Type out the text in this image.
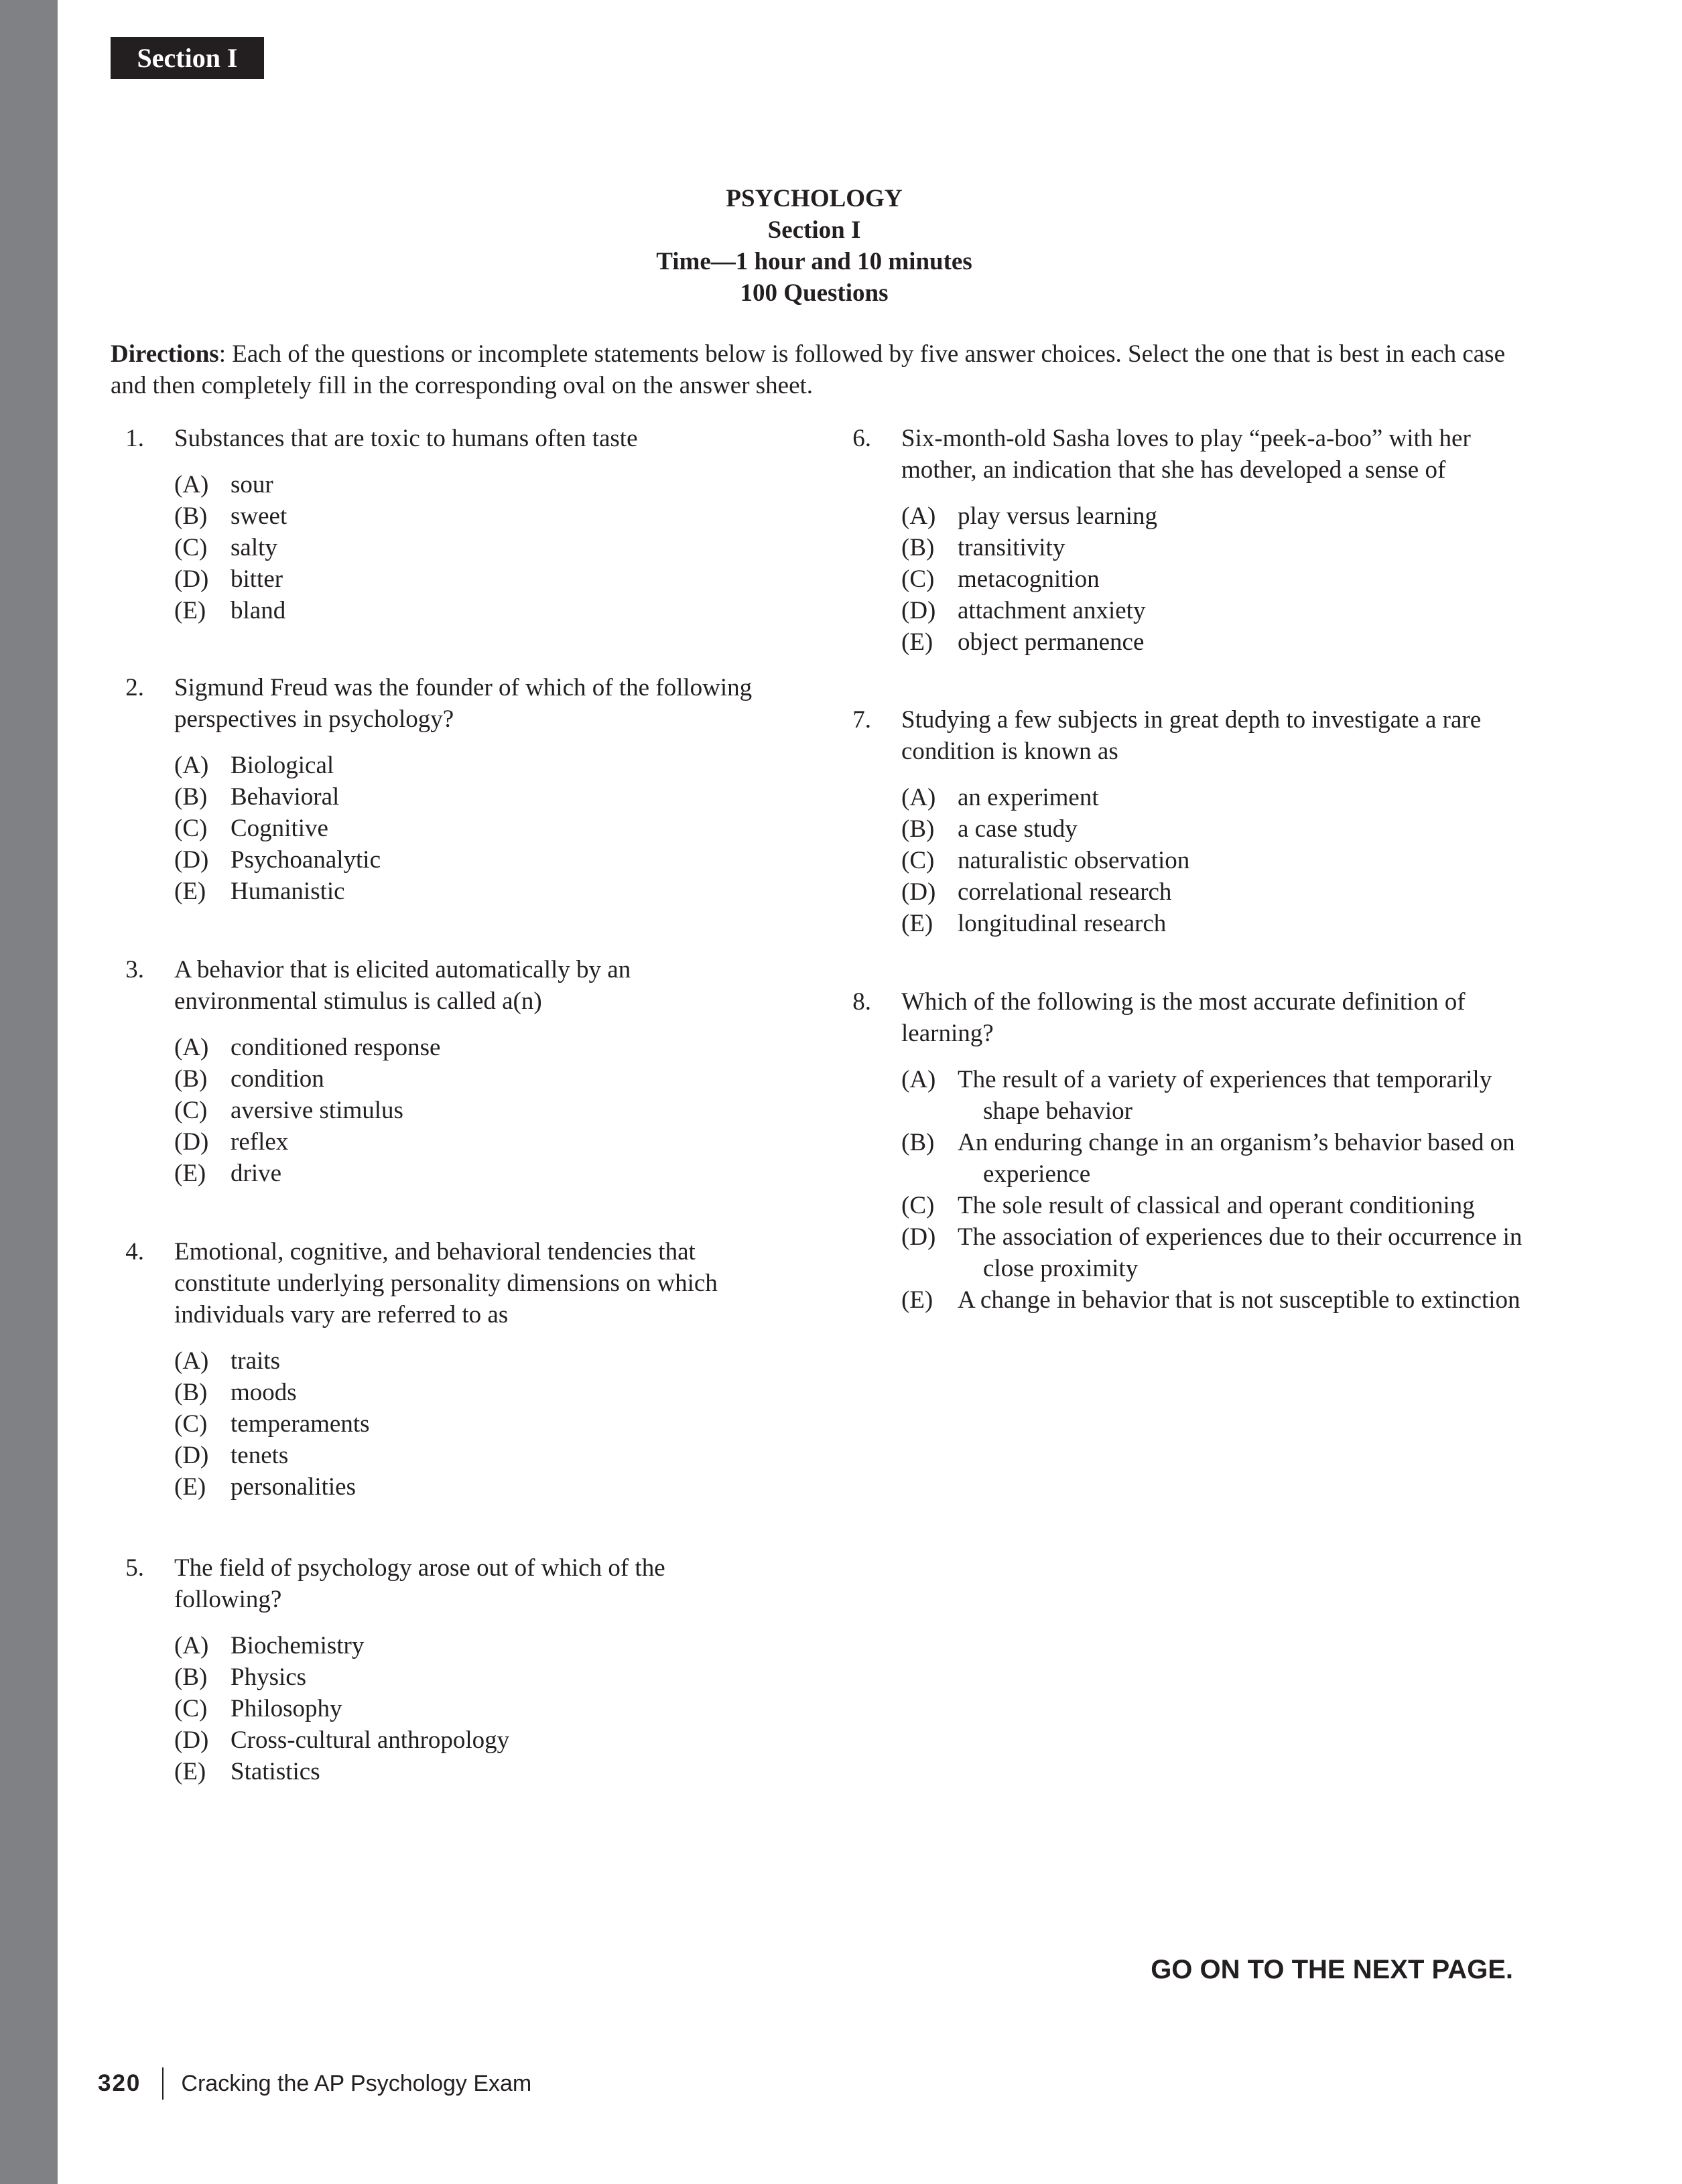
Section I
PSYCHOLOGY
Section I
Time—1 hour and 10 minutes
100 Questions
Directions: Each of the questions or incomplete statements below is followed by five answer choices. Select the one that is best in each case and then completely fill in the corresponding oval on the answer sheet.
1. Substances that are toxic to humans often taste
(A) sour
(B) sweet
(C) salty
(D) bitter
(E) bland
2. Sigmund Freud was the founder of which of the following perspectives in psychology?
(A) Biological
(B) Behavioral
(C) Cognitive
(D) Psychoanalytic
(E) Humanistic
3. A behavior that is elicited automatically by an environmental stimulus is called a(n)
(A) conditioned response
(B) condition
(C) aversive stimulus
(D) reflex
(E) drive
4. Emotional, cognitive, and behavioral tendencies that constitute underlying personality dimensions on which individuals vary are referred to as
(A) traits
(B) moods
(C) temperaments
(D) tenets
(E) personalities
5. The field of psychology arose out of which of the following?
(A) Biochemistry
(B) Physics
(C) Philosophy
(D) Cross-cultural anthropology
(E) Statistics
6. Six-month-old Sasha loves to play “peek-a-boo” with her mother, an indication that she has developed a sense of
(A) play versus learning
(B) transitivity
(C) metacognition
(D) attachment anxiety
(E) object permanence
7. Studying a few subjects in great depth to investigate a rare condition is known as
(A) an experiment
(B) a case study
(C) naturalistic observation
(D) correlational research
(E) longitudinal research
8. Which of the following is the most accurate definition of learning?
(A) The result of a variety of experiences that temporarily shape behavior
(B) An enduring change in an organism’s behavior based on experience
(C) The sole result of classical and operant conditioning
(D) The association of experiences due to their occurrence in close proximity
(E) A change in behavior that is not susceptible to extinction
GO ON TO THE NEXT PAGE.
320 Cracking the AP Psychology Exam
